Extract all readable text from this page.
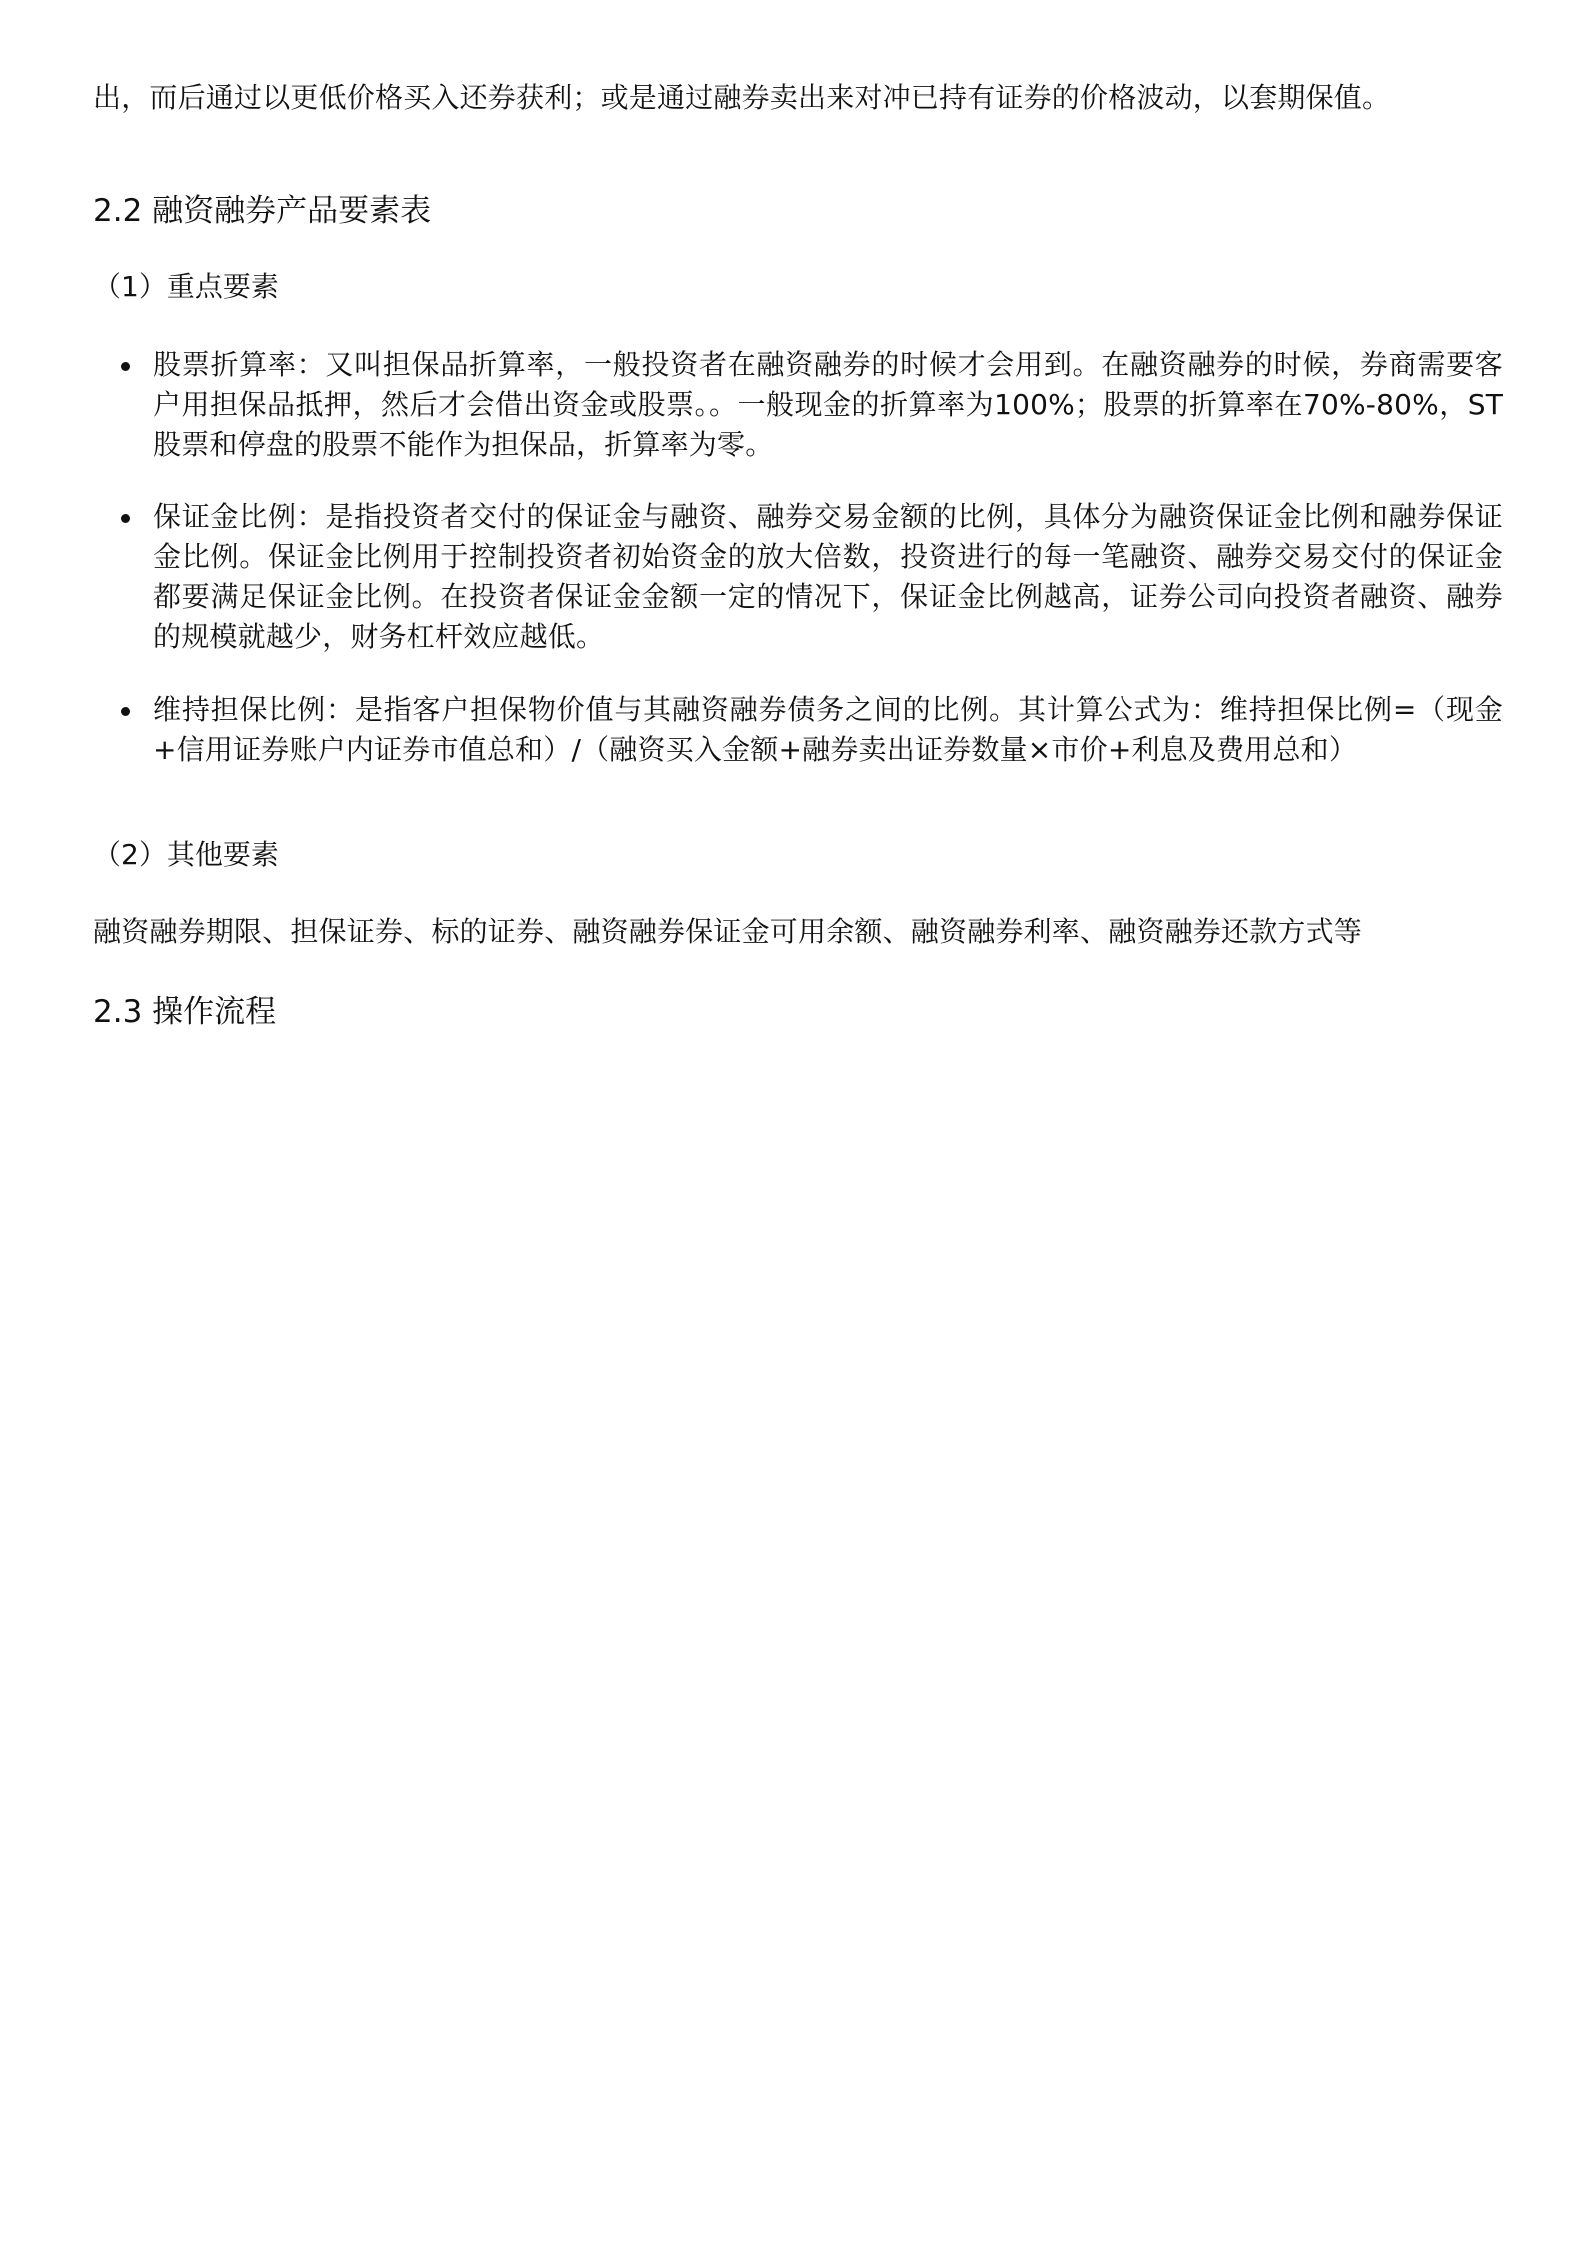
出，而后通过以更低价格买入还券获利；或是通过融券卖出来对冲已持有证券的价格波动，以套期保值。

2.2 融资融券产品要素表

（1）重点要素

股票折算率：又叫担保品折算率，一般投资者在融资融券的时候才会用到。在融资融券的时候，券商需要客户用担保品抵押，然后才会借出资金或股票。。一般现金的折算率为100%；股票的折算率在70%-80%，ST股票和停盘的股票不能作为担保品，折算率为零。

保证金比例：是指投资者交付的保证金与融资、融券交易金额的比例，具体分为融资保证金比例和融券保证金比例。保证金比例用于控制投资者初始资金的放大倍数，投资进行的每一笔融资、融券交易交付的保证金都要满足保证金比例。在投资者保证金金额一定的情况下，保证金比例越高，证券公司向投资者融资、融券的规模就越少，财务杠杆效应越低。

维持担保比例：是指客户担保物价值与其融资融券债务之间的比例。其计算公式为：维持担保比例=（现金+信用证券账户内证券市值总和）/（融资买入金额+融券卖出证券数量×市价+利息及费用总和）

（2）其他要素

融资融券期限、担保证券、标的证券、融资融券保证金可用余额、融资融券利率、融资融券还款方式等

2.3 操作流程
